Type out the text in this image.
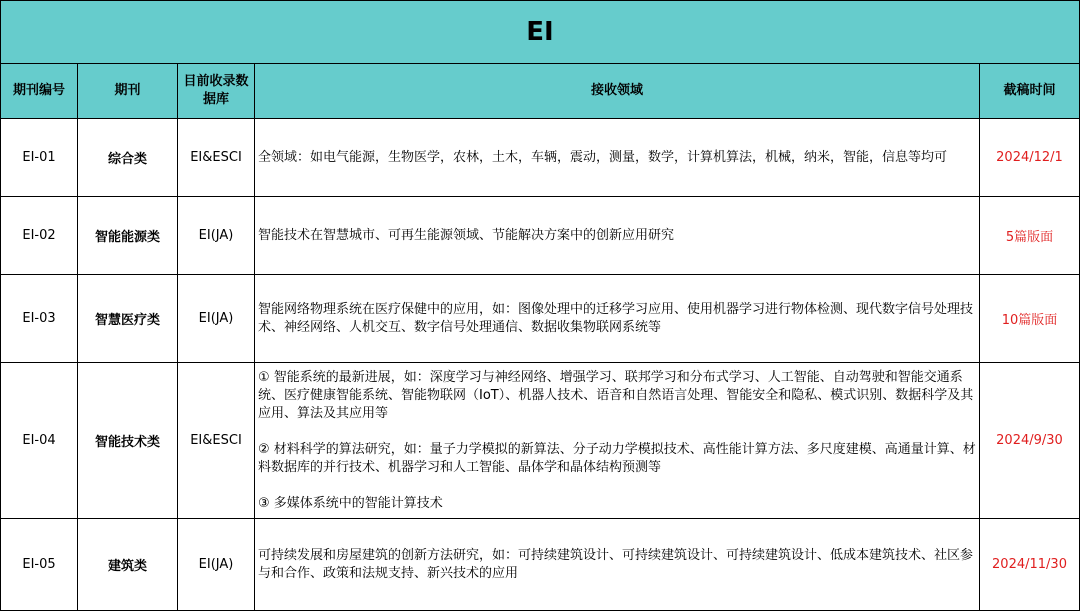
EI				
期刊编号	期刊	目前收录数据库	接收领域	截稿时间
EI-01	综合类	EI&ESCI	全领域：如电气能源，生物医学，农林，土木，车辆，震动，测量，数学，计算机算法，机械，纳米，智能，信息等均可	2024/12/1
EI-02	智能能源类	EI(JA)	智能技术在智慧城市、可再生能源领域、节能解决方案中的创新应用研究	5篇版面
EI-03	智慧医疗类	EI(JA)	智能网络物理系统在医疗保健中的应用，如：图像处理中的迁移学习应用、使用机器学习进行物体检测、现代数字信号处理技术、神经网络、人机交互、数字信号处理通信、数据收集物联网系统等	10篇版面
EI-04	智能技术类	EI&ESCI	① 智能系统的最新进展，如：深度学习与神经网络、增强学习、联邦学习和分布式学习、人工智能、自动驾驶和智能交通系统、医疗健康智能系统、智能物联网（IoT）、机器人技术、语音和自然语言处理、智能安全和隐私、模式识别、数据科学及其应用、算法及其应用等

② 材料科学的算法研究，如：量子力学模拟的新算法、分子动力学模拟技术、高性能计算方法、多尺度建模、高通量计算、材料数据库的并行技术、机器学习和人工智能、晶体学和晶体结构预测等

③ 多媒体系统中的智能计算技术	2024/9/30
EI-05	建筑类	EI(JA)	可持续发展和房屋建筑的创新方法研究，如：可持续建筑设计、可持续建筑设计、可持续建筑设计、低成本建筑技术、社区参与和合作、政策和法规支持、新兴技术的应用	2024/11/30
